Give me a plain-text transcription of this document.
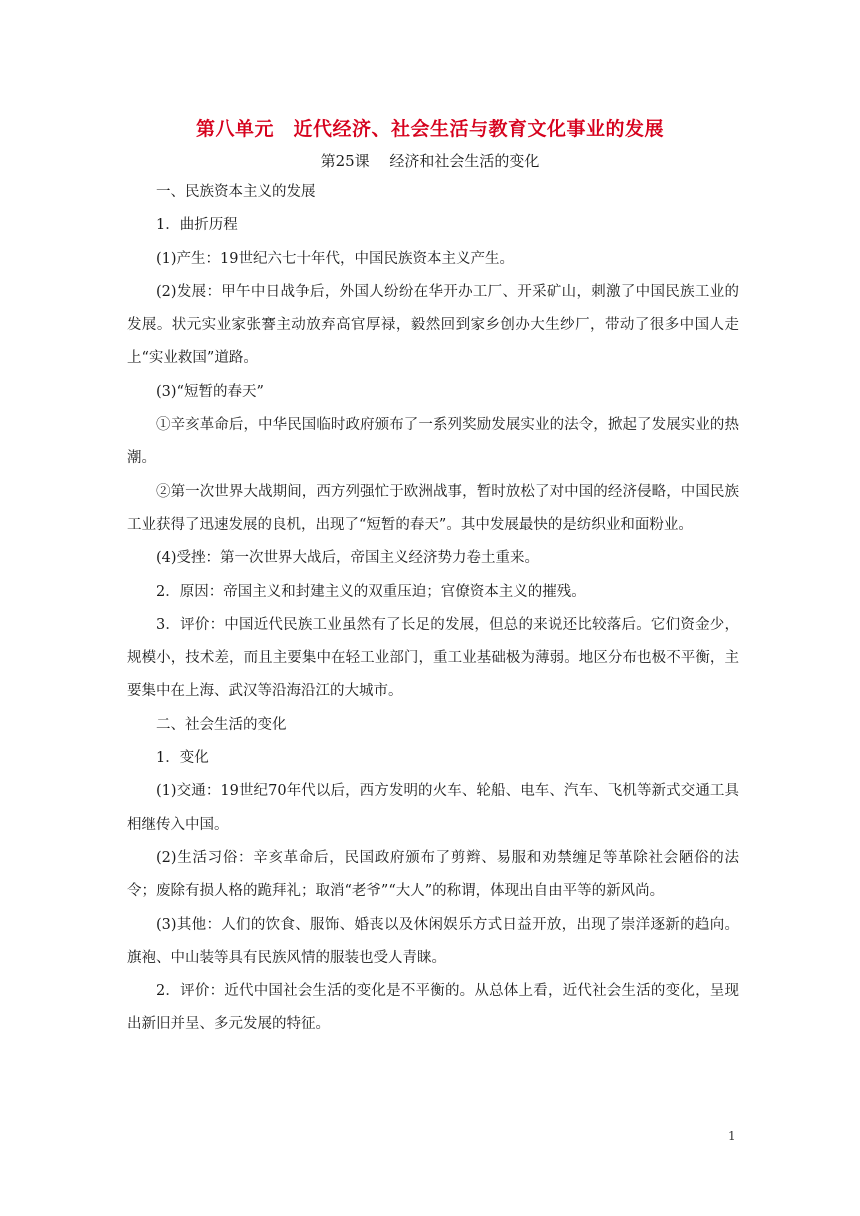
第八单元　近代经济、社会生活与教育文化事业的发展
第25课　 经济和社会生活的变化

一、民族资本主义的发展

1．曲折历程

(1)产生：19世纪六七十年代，中国民族资本主义产生。

(2)发展：甲午中日战争后，外国人纷纷在华开办工厂、开采矿山，刺激了中国民族工业的发展。状元实业家张謇主动放弃高官厚禄，毅然回到家乡创办大生纱厂，带动了很多中国人走上“实业救国”道路。

(3)“短暂的春天”

①辛亥革命后，中华民国临时政府颁布了一系列奖励发展实业的法令，掀起了发展实业的热潮。

②第一次世界大战期间，西方列强忙于欧洲战事，暂时放松了对中国的经济侵略，中国民族工业获得了迅速发展的良机，出现了“短暂的春天”。其中发展最快的是纺织业和面粉业。

(4)受挫：第一次世界大战后，帝国主义经济势力卷土重来。

2．原因：帝国主义和封建主义的双重压迫；官僚资本主义的摧残。

3．评价：中国近代民族工业虽然有了长足的发展，但总的来说还比较落后。它们资金少，规模小，技术差，而且主要集中在轻工业部门，重工业基础极为薄弱。地区分布也极不平衡，主要集中在上海、武汉等沿海沿江的大城市。

二、社会生活的变化

1．变化

(1)交通：19世纪70年代以后，西方发明的火车、轮船、电车、汽车、飞机等新式交通工具相继传入中国。

(2)生活习俗：辛亥革命后，民国政府颁布了剪辫、易服和劝禁缠足等革除社会陋俗的法令；废除有损人格的跪拜礼；取消“老爷”“大人”的称谓，体现出自由平等的新风尚。

(3)其他：人们的饮食、服饰、婚丧以及休闲娱乐方式日益开放，出现了崇洋逐新的趋向。旗袍、中山装等具有民族风情的服装也受人青睐。

2．评价：近代中国社会生活的变化是不平衡的。从总体上看，近代社会生活的变化，呈现出新旧并呈、多元发展的特征。

1
